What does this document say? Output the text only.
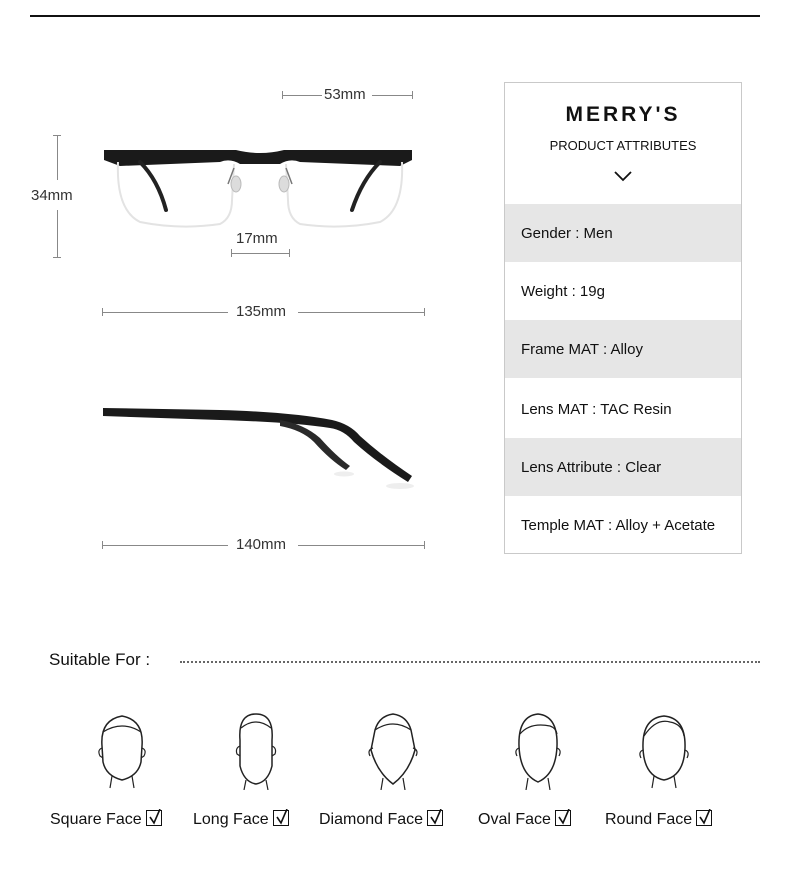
53mm
34mm
17mm
135mm
140mm
MERRY'S
PRODUCT ATTRIBUTES
Gender : Men
Weight : 19g
Frame MAT : Alloy
Lens MAT : TAC Resin
Lens Attribute : Clear
Temple MAT : Alloy + Acetate
Suitable For :
Square Face	Long Face	Diamond Face	Oval Face	Round Face
